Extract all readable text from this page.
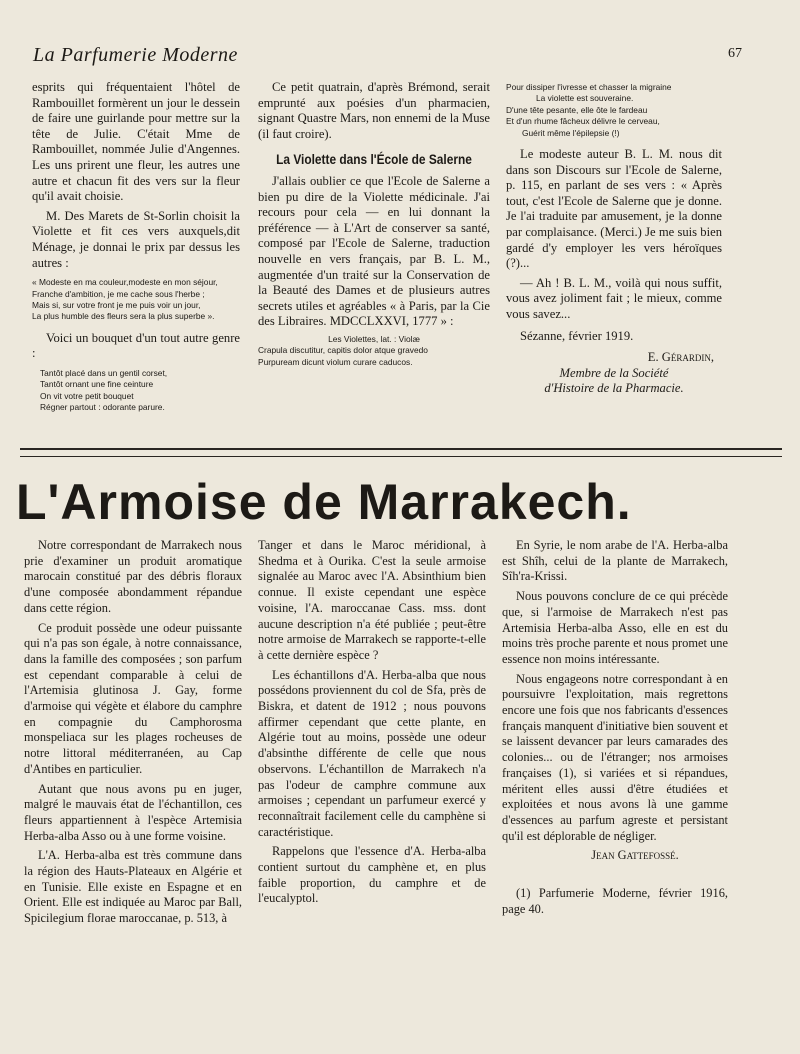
La Parfumerie Moderne	67

esprits qui fréquentaient l'hôtel de Rambouillet formèrent un jour le dessein de faire une guirlande pour mettre sur la tête de Julie. C'était Mme de Rambouillet, nommée Julie d'Angennes. Les uns prirent une fleur, les autres une autre et chacun fit des vers sur la fleur qu'il avait choisie.

M. Des Marets de St-Sorlin choisit la Violette et fit ces vers auxquels,dit Ménage, je donnai le prix par dessus les autres :

« Modeste en ma couleur,modeste en mon séjour,
Franche d'ambition, je me cache sous l'herbe ;
Mais si, sur votre front je me puis voir un jour,
La plus humble des fleurs sera la plus superbe ».

Voici un bouquet d'un tout autre genre :

Tantôt placé dans un gentil corset,
Tantôt ornant une fine ceinture
On vit votre petit bouquet
Régner partout : odorante parure.

Ce petit quatrain, d'après Brémond, serait emprunté aux poésies d'un pharmacien, signant Quastre Mars, non ennemi de la Muse (il faut croire).

La Violette dans l'École de Salerne

J'allais oublier ce que l'Ecole de Salerne a bien pu dire de la Violette médicinale. J'ai recours pour cela — en lui donnant la préférence — à L'Art de conserver sa santé, composé par l'Ecole de Salerne, traduction nouvelle en vers français, par B. L. M., augmentée d'un traité sur la Conservation de la Beauté des Dames et de plusieurs autres secrets utiles et agréables « à Paris, par la Cie des Libraires. MDCCLXXVI, 1777 » :

Les Violettes, lat. : Violæ
Crapula discutitur, capitis dolor atque gravedo
Purpuream dicunt violum curare caducos.
Pour dissiper l'ivresse et chasser la migraine
La violette est souveraine.
D'une tête pesante, elle ôte le fardeau
Et d'un rhume fâcheux délivre le cerveau,
Guérit même l'épilepsie (!)

Le modeste auteur B. L. M. nous dit dans son Discours sur l'Ecole de Salerne, p. 115, en parlant de ses vers : « Après tout, c'est l'Ecole de Salerne que je donne. Je l'ai traduite par amusement, je la donne par complaisance. (Merci.) Je me suis bien gardé d'y employer les vers héroïques (?)...

— Ah ! B. L. M., voilà qui nous suffit, vous avez joliment fait ; le mieux, comme vous savez...

Sézanne, février 1919.

E. Gérardin,
Membre de la Société
d'Histoire de la Pharmacie.
L'Armoise de Marrakech.

Notre correspondant de Marrakech nous prie d'examiner un produit aromatique marocain constitué par des débris floraux d'une composée abondamment répandue dans cette région.

Ce produit possède une odeur puissante qui n'a pas son égale, à notre connaissance, dans la famille des composées ; son parfum est cependant comparable à celui de l'Artemisia glutinosa J. Gay, forme d'armoise qui végète et élabore du camphre en compagnie du Camphorosma monspeliaca sur les plages rocheuses de notre littoral méditerranéen, au Cap d'Antibes en particulier.

Autant que nous avons pu en juger, malgré le mauvais état de l'échantillon, ces fleurs appartiennent à l'espèce Artemisia Herba-alba Asso ou à une forme voisine.

L'A. Herba-alba est très commune dans la région des Hauts-Plateaux en Algérie et en Tunisie. Elle existe en Espagne et en Orient. Elle est indiquée au Maroc par Ball, Spicilegium florae maroccanae, p. 513, à

Tanger et dans le Maroc méridional, à Shedma et à Ourika. C'est la seule armoise signalée au Maroc avec l'A. Absinthium bien connue. Il existe cependant une espèce voisine, l'A. maroccanae Cass. mss. dont aucune description n'a été publiée ; peut-être notre armoise de Marrakech se rapporte-t-elle à cette dernière espèce ?

Les échantillons d'A. Herba-alba que nous possédons proviennent du col de Sfa, près de Biskra, et datent de 1912 ; nous pouvons affirmer cependant que cette plante, en Algérie tout au moins, possède une odeur d'absinthe différente de celle que nous observons. L'échantillon de Marrakech n'a pas l'odeur de camphre commune aux armoises ; cependant un parfumeur exercé y reconnaîtrait facilement celle du camphène si caractéristique.

Rappelons que l'essence d'A. Herba-alba contient surtout du camphène et, en plus faible proportion, du camphre et de l'eucalyptol.

En Syrie, le nom arabe de l'A. Herba-alba est Shîh, celui de la plante de Marrakech, Sîh'ra-Krissi.

Nous pouvons conclure de ce qui précède que, si l'armoise de Marrakech n'est pas Artemisia Herba-alba Asso, elle en est du moins très proche parente et nous promet une essence non moins intéressante.

Nous engageons notre correspondant à en poursuivre l'exploitation, mais regrettons encore une fois que nos fabricants d'essences français manquent d'initiative bien souvent et se laissent devancer par leurs camarades des colonies... ou de l'étranger; nos armoises françaises (1), si variées et si répandues, méritent elles aussi d'être étudiées et exploitées et nous avons là une gamme d'essences au parfum agreste et persistant qu'il est déplorable de négliger.

Jean Gattefossé.

(1) Parfumerie Moderne, février 1916, page 40.
